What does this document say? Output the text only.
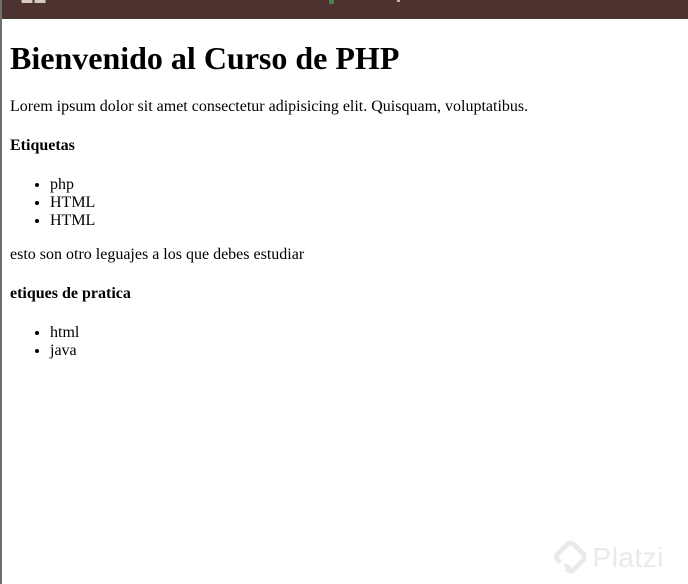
Bienvenido al Curso de PHP

Lorem ipsum dolor sit amet consectetur adipisicing elit. Quisquam, voluptatibus.

Etiquetas
• php
• HTML
• HTML

esto son otro leguajes a los que debes estudiar

etiques de pratica
• html
• java
Platzi
